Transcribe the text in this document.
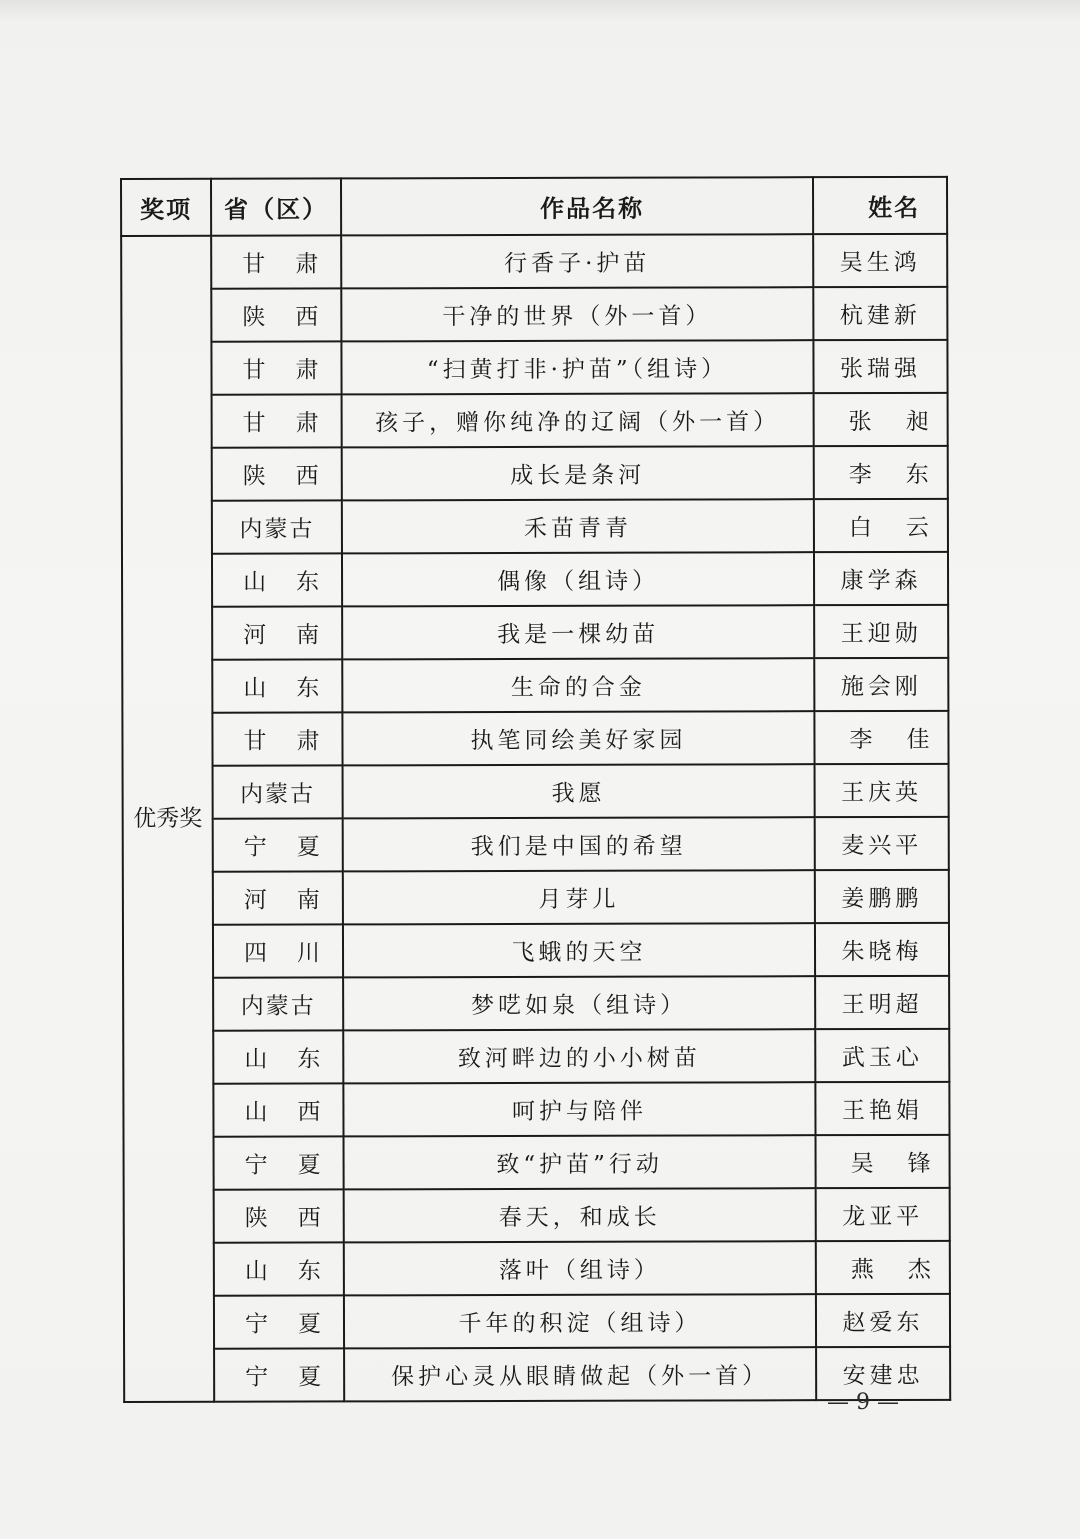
奖项	省（区）	作品名称	姓名
优秀奖	甘肃	行香子·护苗	吴生鸿
	陕西	干净的世界（外一首）	杭建新
	甘肃	“扫黄打非·护苗”（组诗）	张瑞强
	甘肃	孩子，赠你纯净的辽阔（外一首）	张昶
	陕西	成长是条河	李东
	内蒙古	禾苗青青	白云
	山东	偶像（组诗）	康学森
	河南	我是一棵幼苗	王迎勋
	山东	生命的合金	施会刚
	甘肃	执笔同绘美好家园	李佳
	内蒙古	我愿	王庆英
	宁夏	我们是中国的希望	麦兴平
	河南	月芽儿	姜鹏鹏
	四川	飞蛾的天空	朱晓梅
	内蒙古	梦呓如泉（组诗）	王明超
	山东	致河畔边的小小树苗	武玉心
	山西	呵护与陪伴	王艳娟
	宁夏	致“护苗”行动	吴锋
	陕西	春天，和成长	龙亚平
	山东	落叶（组诗）	燕杰
	宁夏	千年的积淀（组诗）	赵爱东
	宁夏	保护心灵从眼睛做起（外一首）	安建忠
— 9 —
